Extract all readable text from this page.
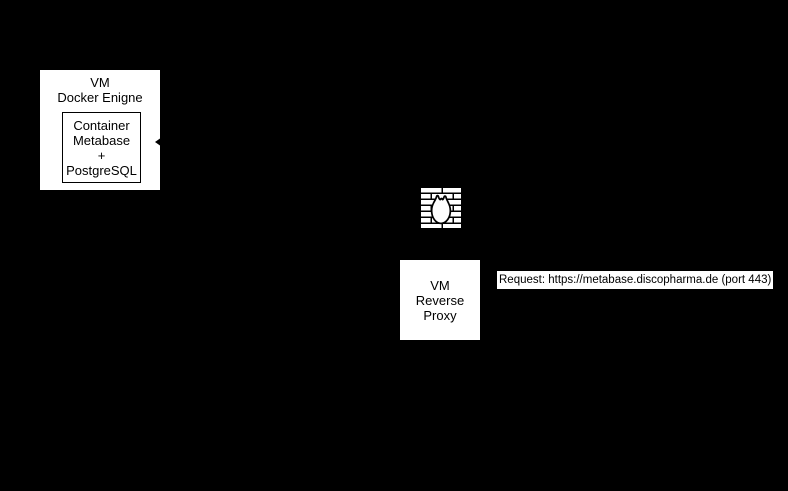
VM
Docker Enigne
Container
Metabase
+
PostgreSQL
VM
Reverse
Proxy
Request: https://metabase.discopharma.de (port 443)
